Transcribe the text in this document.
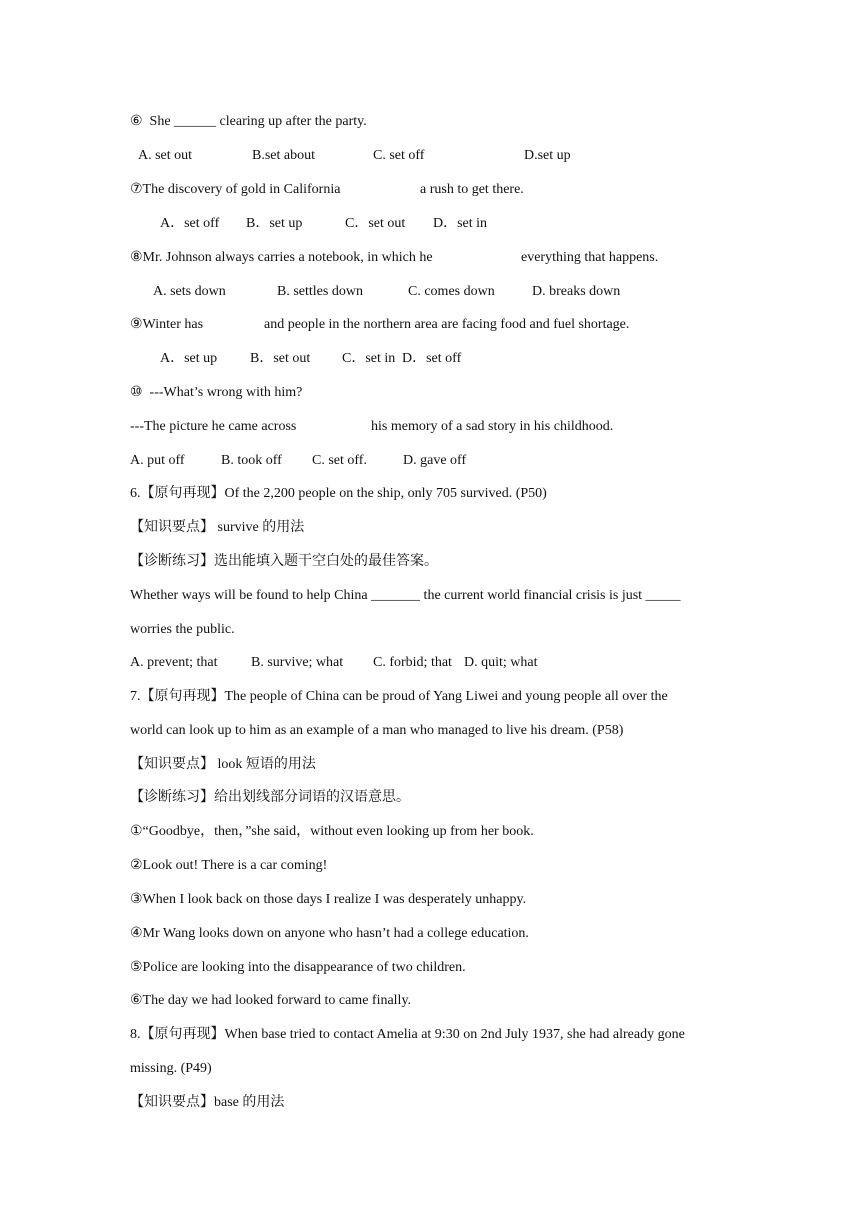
⑥  She ______ clearing up after the party.
A. set out	B.set about	C. set off	D.set up
⑦The discovery of gold in California	a rush to get there.
A．set off B．set up	C．set out D．set in
⑧Mr. Johnson always carries a notebook, in which he	everything that happens.
A. sets down	B. settles down	C. comes down	D. breaks down
⑨Winter has	and people in the northern area are facing food and fuel shortage.
A．set up B．set out C．set in D．set off
⑩  ---What’s wrong with him?
---The picture he came across	his memory of a sad story in his childhood.
A. put off	B. took off C. set off.	D. gave off
6.【原句再现】Of the 2,200 people on the ship, only 705 survived. (P50)
【知识要点】 survive 的用法
【诊断练习】选出能填入题干空白处的最佳答案。
Whether ways will be found to help China _______ the current world financial crisis is just _____
worries the public.
A. prevent; that B. survive; what C. forbid; that D. quit; what
7.【原句再现】The people of China can be proud of Yang Liwei and young people all over the
world can look up to him as an example of a man who managed to live his dream. (P58)
【知识要点】 look 短语的用法
【诊断练习】给出划线部分词语的汉语意思。
①“Goodbye，then，”she said，without even looking up from her book.
②Look out! There is a car coming!
③When I look back on those days I realize I was desperately unhappy.
④Mr Wang looks down on anyone who hasn’t had a college education.
⑤Police are looking into the disappearance of two children.
⑥The day we had looked forward to came finally.
8.【原句再现】When base tried to contact Amelia at 9:30 on 2nd July 1937, she had already gone
missing. (P49)
【知识要点】base 的用法
